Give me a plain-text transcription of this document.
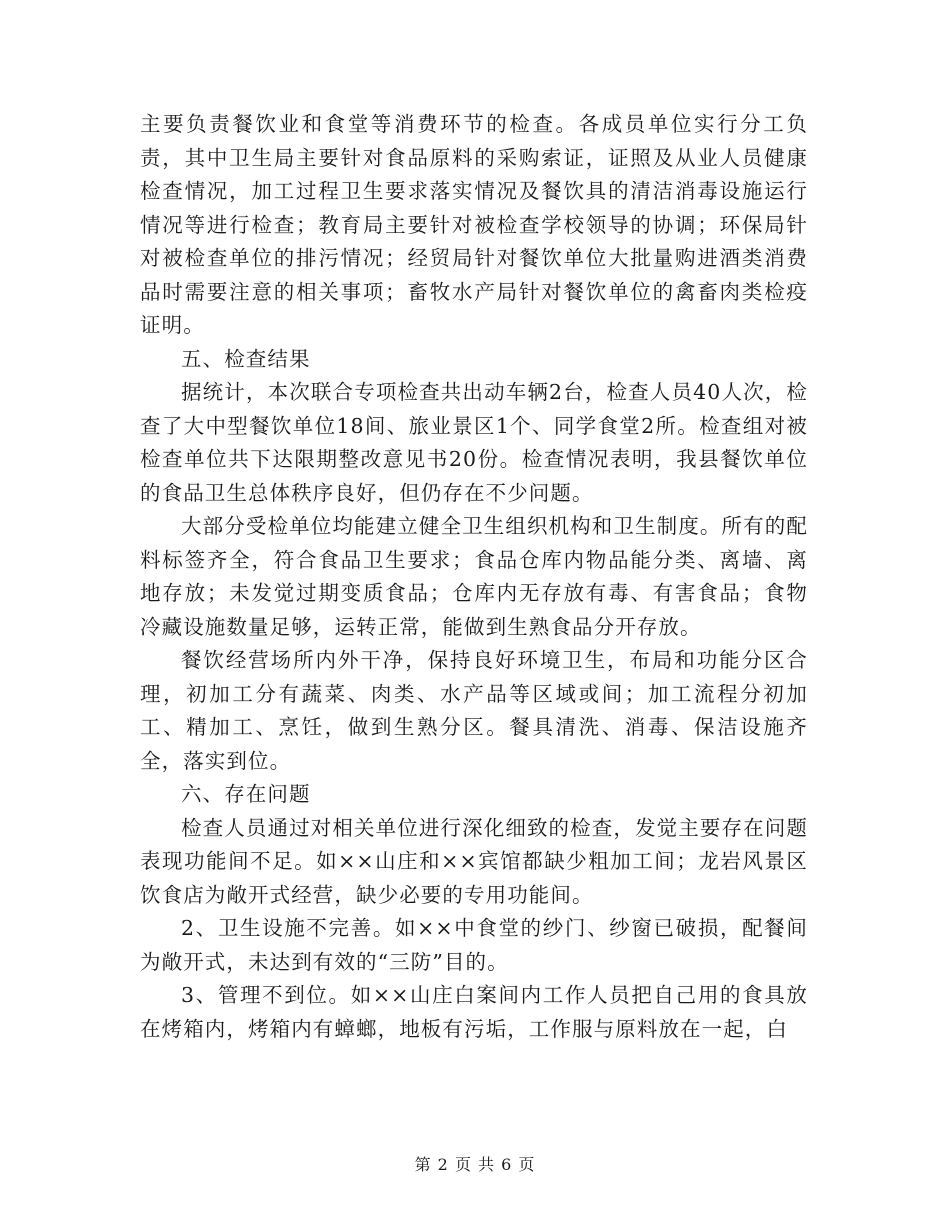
主要负责餐饮业和食堂等消费环节的检查。各成员单位实行分工负责，其中卫生局主要针对食品原料的采购索证，证照及从业人员健康检查情况，加工过程卫生要求落实情况及餐饮具的清洁消毒设施运行情况等进行检查；教育局主要针对被检查学校领导的协调；环保局针对被检查单位的排污情况；经贸局针对餐饮单位大批量购进酒类消费品时需要注意的相关事项；畜牧水产局针对餐饮单位的禽畜肉类检疫证明。

五、检查结果

据统计，本次联合专项检查共出动车辆2台，检查人员40人次，检查了大中型餐饮单位18间、旅业景区1个、同学食堂2所。检查组对被检查单位共下达限期整改意见书20份。检查情况表明，我县餐饮单位的食品卫生总体秩序良好，但仍存在不少问题。

大部分受检单位均能建立健全卫生组织机构和卫生制度。所有的配料标签齐全，符合食品卫生要求；食品仓库内物品能分类、离墙、离地存放；未发觉过期变质食品；仓库内无存放有毒、有害食品；食物冷藏设施数量足够，运转正常，能做到生熟食品分开存放。

餐饮经营场所内外干净，保持良好环境卫生，布局和功能分区合理，初加工分有蔬菜、肉类、水产品等区域或间；加工流程分初加工、精加工、烹饪，做到生熟分区。餐具清洗、消毒、保洁设施齐全，落实到位。

六、存在问题

检查人员通过对相关单位进行深化细致的检查，发觉主要存在问题表现功能间不足。如××山庄和××宾馆都缺少粗加工间；龙岩风景区饮食店为敞开式经营，缺少必要的专用功能间。

2、卫生设施不完善。如××中食堂的纱门、纱窗已破损，配餐间为敞开式，未达到有效的“三防”目的。

3、管理不到位。如××山庄白案间内工作人员把自己用的食具放在烤箱内，烤箱内有蟑螂，地板有污垢，工作服与原料放在一起，白

第 2 页 共 6 页
